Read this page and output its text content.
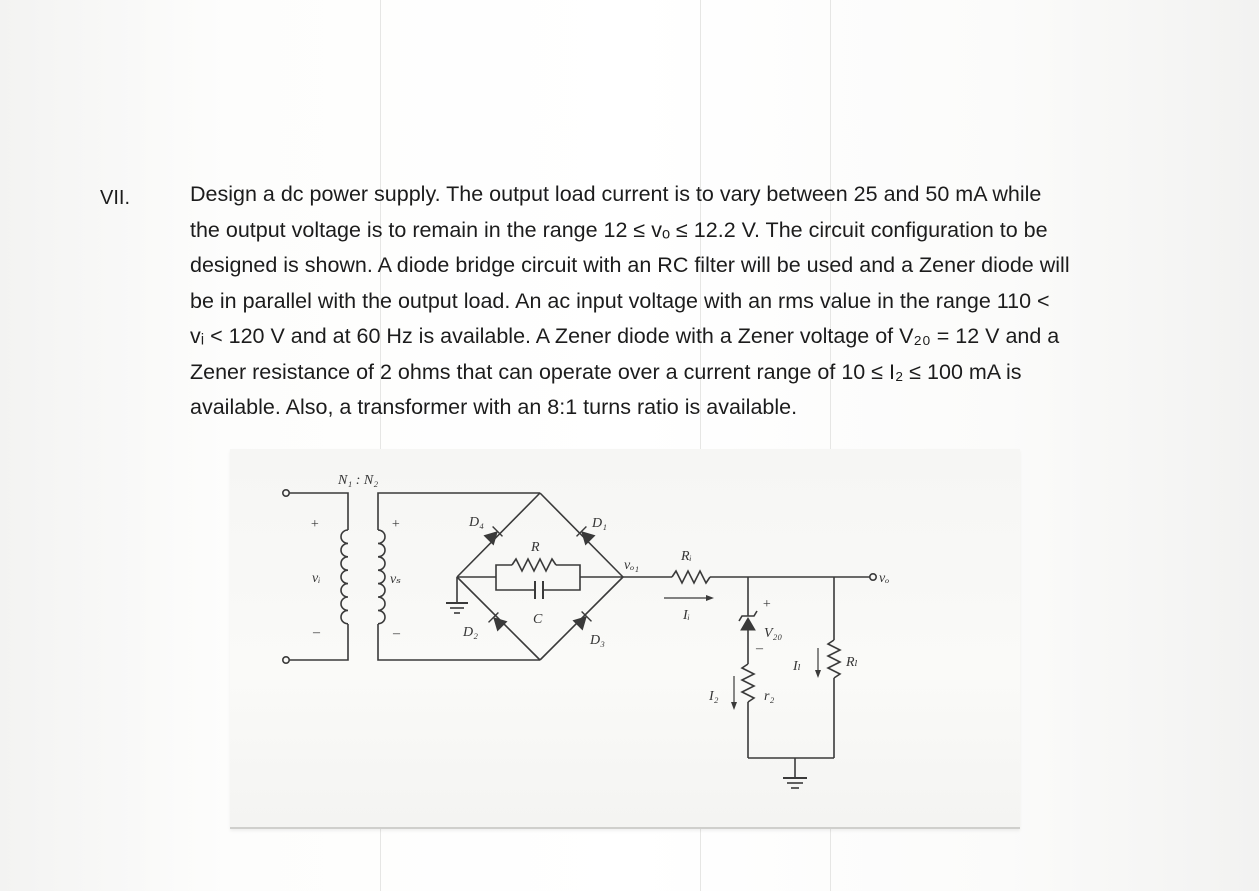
VII.	Design a dc power supply. The output load current is to vary between 25 and 50 mA while
the output voltage is to remain in the range 12 ≤ vₒ ≤ 12.2 V. The circuit configuration to be
designed is shown. A diode bridge circuit with an RC filter will be used and a Zener diode will
be in parallel with the output load. An ac input voltage with an rms value in the range 110 <
vᵢ < 120 V and at 60 Hz is available. A Zener diode with a Zener voltage of V₂₀ = 12 V and a
Zener resistance of 2 ohms that can operate over a current range of 10 ≤ I₂ ≤ 100 mA is
available. Also, a transformer with an 8:1 turns ratio is available.

N₁ : N₂
+
vᵢ
–
+
vₛ
–
D₄	D₁
D₂
D₃
R
C
vₒ₁
Rᵢ
Iᵢ
vₒ
+
V₂₀
–
r₂
I₂
Iₗ	Rₗ
